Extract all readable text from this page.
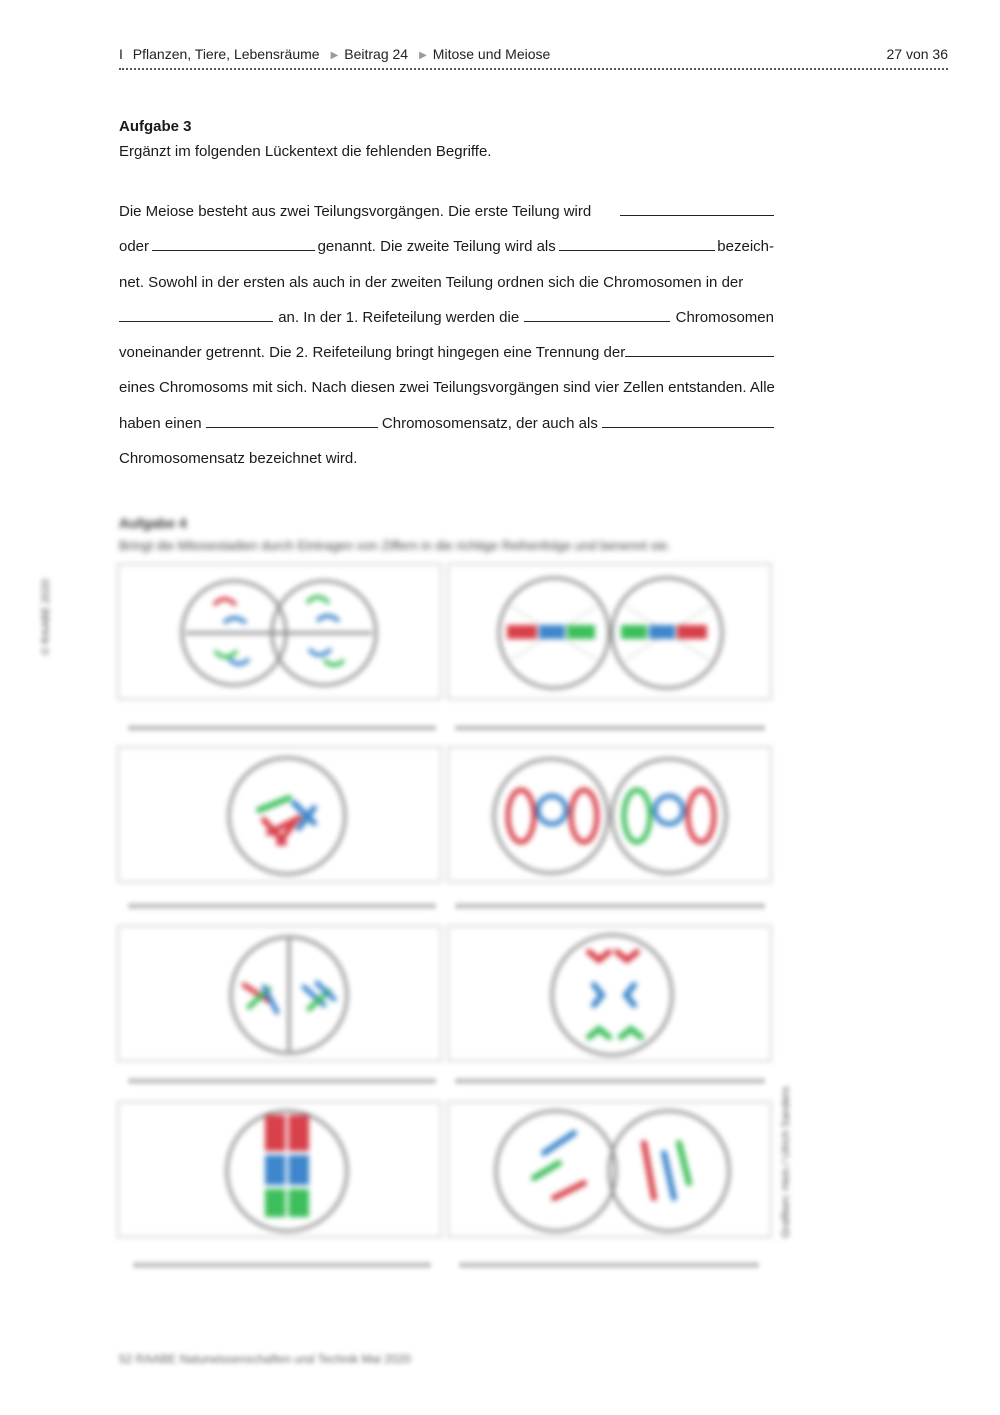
I Pflanzen, Tiere, Lebensräume ▶ Beitrag 24 ▶ Mitose und Meiose	27 von 36
Aufgabe 3
Ergänzt im folgenden Lückentext die fehlenden Begriffe.
Die Meiose besteht aus zwei Teilungsvorgängen. Die erste Teilung wird
oder	genannt. Die zweite Teilung wird als	bezeich-
net. Sowohl in der ersten als auch in der zweiten Teilung ordnen sich die Chromosomen in der
an. In der 1. Reifeteilung werden die	Chromosomen
voneinander getrennt. Die 2. Reifeteilung bringt hingegen eine Trennung der
eines Chromosoms mit sich. Nach diesen zwei Teilungsvorgängen sind vier Zellen entstanden. Alle
haben einen	Chromosomensatz, der auch als
Chromosomensatz bezeichnet wird.
Aufgabe 4
Bringt die Mitosestadien durch Eintragen von Ziffern in die richtige Reihenfolge und benennt sie.
© RAABE 2020
Grafiken: Hein / Ulrich Sanders
52 RAABE Naturwissenschaften und Technik Mai 2020
